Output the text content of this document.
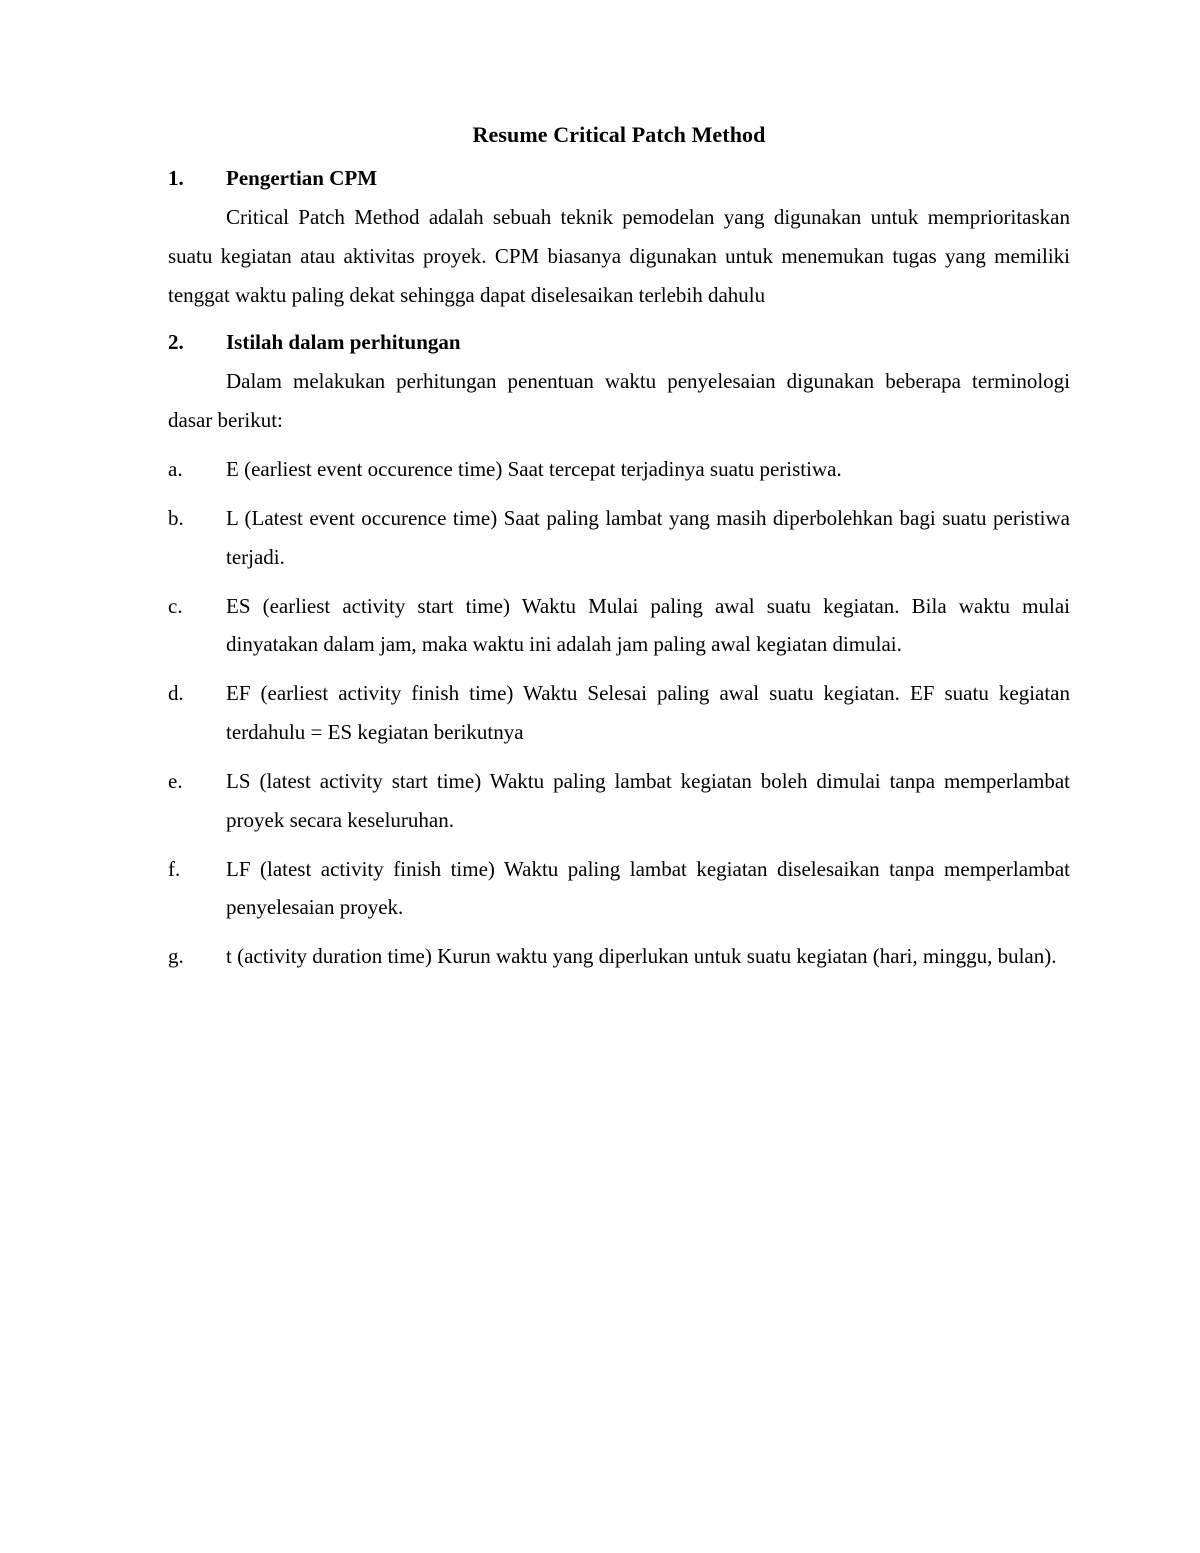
Resume Critical Patch Method
1.	Pengertian CPM

Critical Patch Method adalah sebuah teknik pemodelan yang digunakan untuk memprioritaskan suatu kegiatan atau aktivitas proyek. CPM biasanya digunakan untuk menemukan tugas yang memiliki tenggat waktu paling dekat sehingga dapat diselesaikan terlebih dahulu

2.	Istilah dalam perhitungan

Dalam melakukan perhitungan penentuan waktu penyelesaian digunakan beberapa terminologi dasar berikut:

a.	E (earliest event occurence time) Saat tercepat terjadinya suatu peristiwa.
b.	L (Latest event occurence time) Saat paling lambat yang masih diperbolehkan bagi suatu peristiwa terjadi.
c.	ES (earliest activity start time) Waktu Mulai paling awal suatu kegiatan. Bila waktu mulai dinyatakan dalam jam, maka waktu ini adalah jam paling awal kegiatan dimulai.
d.	EF (earliest activity finish time) Waktu Selesai paling awal suatu kegiatan. EF suatu kegiatan terdahulu = ES kegiatan berikutnya
e.	LS (latest activity start time) Waktu paling lambat kegiatan boleh dimulai tanpa memperlambat proyek secara keseluruhan.
f.	LF (latest activity finish time) Waktu paling lambat kegiatan diselesaikan tanpa memperlambat penyelesaian proyek.
g.	t (activity duration time) Kurun waktu yang diperlukan untuk suatu kegiatan (hari, minggu, bulan).
